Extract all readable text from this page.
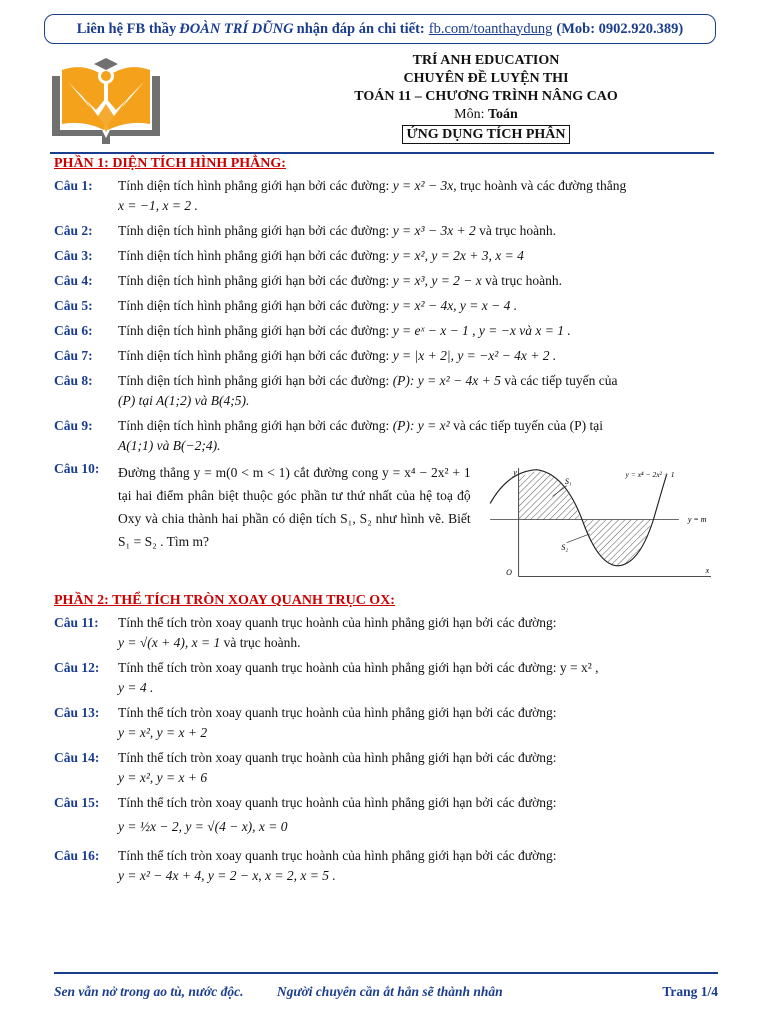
Liên hệ FB thầy ĐOÀN TRÍ DŨNG nhận đáp án chi tiết: fb.com/toanthaydung (Mob: 0902.920.389)
TRÍ ANH EDUCATION
CHUYÊN ĐỀ LUYỆN THI
TOÁN 11 – CHƯƠNG TRÌNH NÂNG CAO
Môn: Toán
ỨNG DỤNG TÍCH PHÂN
PHẦN 1: DIỆN TÍCH HÌNH PHẲNG:
Câu 1:	Tính diện tích hình phẳng giới hạn bởi các đường: y = x² − 3x, trục hoành và các đường thẳng
x = −1, x = 2 .
Câu 2:	Tính diện tích hình phẳng giới hạn bởi các đường: y = x³ − 3x + 2 và trục hoành.
Câu 3:	Tính diện tích hình phẳng giới hạn bởi các đường: y = x², y = 2x + 3, x = 4
Câu 4:	Tính diện tích hình phẳng giới hạn bởi các đường: y = x³, y = 2 − x và trục hoành.
Câu 5:	Tính diện tích hình phẳng giới hạn bởi các đường: y = x² − 4x, y = x − 4 .
Câu 6:	Tính diện tích hình phẳng giới hạn bởi các đường: y = eˣ − x − 1 , y = −x và x = 1 .
Câu 7:	Tính diện tích hình phẳng giới hạn bởi các đường: y = |x + 2|, y = −x² − 4x + 2 .
Câu 8:	Tính diện tích hình phẳng giới hạn bởi các đường: (P): y = x² − 4x + 5 và các tiếp tuyến của
(P) tại A(1;2) và B(4;5).
Câu 9:	Tính diện tích hình phẳng giới hạn bởi các đường: (P): y = x² và các tiếp tuyến của (P) tại
A(1;1) và B(−2;4).
Câu 10:	Đường thẳng y = m(0 < m < 1) cắt đường cong y = x⁴ − 2x² + 1 tại hai điểm phân biệt thuộc góc phần tư thứ nhất của hệ toạ độ Oxy và chia thành hai phần có diện tích S₁, S₂ như hình vẽ. Biết S₁ = S₂ . Tìm m?
y
x
O
S₁
S₂
y = x⁴ − 2x² + 1
y = m
PHẦN 2: THỂ TÍCH TRÒN XOAY QUANH TRỤC OX:
Câu 11:	Tính thể tích tròn xoay quanh trục hoành của hình phẳng giới hạn bởi các đường:
y = √(x + 4), x = 1 và trục hoành.
Câu 12:	Tính thể tích tròn xoay quanh trục hoành của hình phẳng giới hạn bởi các đường: y = x² ,
y = 4 .
Câu 13:	Tính thể tích tròn xoay quanh trục hoành của hình phẳng giới hạn bởi các đường:
y = x², y = x + 2
Câu 14:	Tính thể tích tròn xoay quanh trục hoành của hình phẳng giới hạn bởi các đường:
y = x², y = x + 6
Câu 15:	Tính thể tích tròn xoay quanh trục hoành của hình phẳng giới hạn bởi các đường:
y = ½x − 2, y = √(4 − x), x = 0
Câu 16:	Tính thể tích tròn xoay quanh trục hoành của hình phẳng giới hạn bởi các đường:
y = x² − 4x + 4, y = 2 − x, x = 2, x = 5 .
Sen vẫn nở trong ao tù, nước độc. Người chuyên cần ắt hẳn sẽ thành nhân	Trang 1/4
